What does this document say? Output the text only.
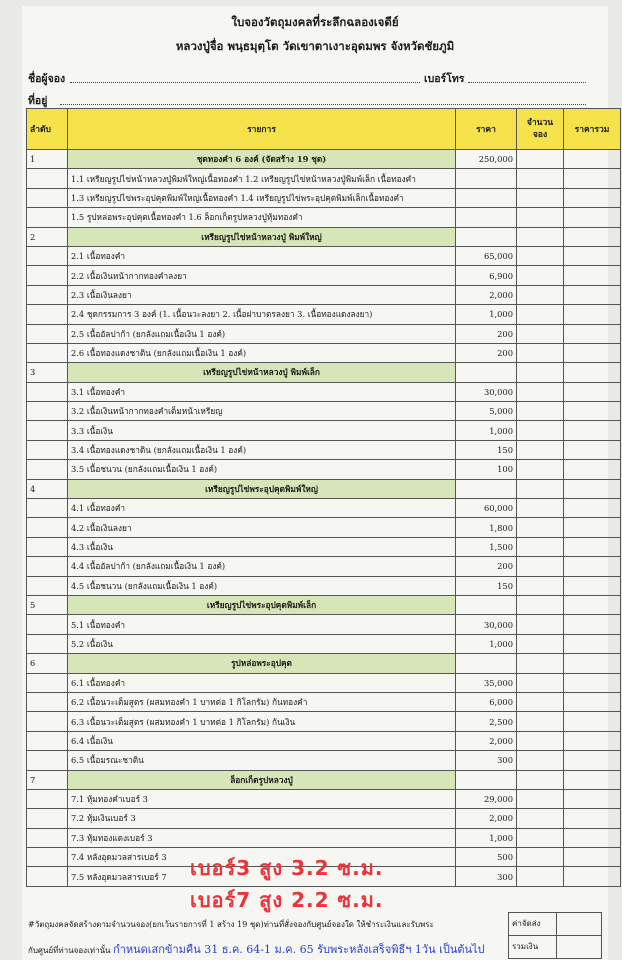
ใบจองวัตถุมงคลที่ระลึกฉลองเจดีย์
หลวงปู่จื่อ พนฺธมุตฺโต วัดเขาตาเงาะอุดมพร จังหวัดชัยภูมิ
ชื่อผู้จอง	เบอร์โทร
ที่อยู่
ลำดับ	รายการ	ราคา	จำนวนจอง	ราคารวม
1	ชุดทองคำ 6 องค์ (จัดสร้าง 19 ชุด)	250,000		
	1.1 เหรียญรูปไข่หน้าหลวงปู่พิมพ์ใหญ่เนื้อทองคำ 1.2 เหรียญรูปไข่หน้าหลวงปู่พิมพ์เล็ก เนื้อทองคำ			
	1.3 เหรียญรูปไข่พระอุปคุตพิมพ์ใหญ่เนื้อทองคำ 1.4 เหรียญรูปไข่พระอุปคุตพิมพ์เล็กเนื้อทองคำ			
	1.5 รูปหล่อพระอุปคุตเนื้อทองคำ 1.6 ล็อกเก็ตรูปหลวงปู่หุ้มทองคำ			
2	เหรียญรูปไข่หน้าหลวงปู่ พิมพ์ใหญ่			
	2.1 เนื้อทองคำ	65,000		
	2.2 เนื้อเงินหน้ากากทองคำลงยา	6,900		
	2.3 เนื้อเงินลงยา	2,000		
	2.4 ชุดกรรมการ 3 องค์ (1. เนื้อนวะลงยา 2. เนื้อฝาบาตรลงยา 3. เนื้อทองแดงลงยา)	1,000		
	2.5 เนื้ออัลปาก้า (ยกลังแถมเนื้อเงิน 1 องค์)	200		
	2.6 เนื้อทองแดงชาติน (ยกลังแถมเนื้อเงิน 1 องค์)	200		
3	เหรียญรูปไข่หน้าหลวงปู่ พิมพ์เล็ก			
	3.1 เนื้อทองคำ	30,000		
	3.2 เนื้อเงินหน้ากากทองคำเต็มหน้าเหรียญ	5,000		
	3.3 เนื้อเงิน	1,000		
	3.4 เนื้อทองแดงชาติน (ยกลังแถมเนื้อเงิน 1 องค์)	150		
	3.5 เนื้อชนวน (ยกลังแถมเนื้อเงิน 1 องค์)	100		
4	เหรียญรูปไข่พระอุปคุตพิมพ์ใหญ่			
	4.1 เนื้อทองคำ	60,000		
	4.2 เนื้อเงินลงยา	1,800		
	4.3 เนื้อเงิน	1,500		
	4.4 เนื้ออัลปาก้า (ยกลังแถมเนื้อเงิน 1 องค์)	200		
	4.5 เนื้อชนวน (ยกลังแถมเนื้อเงิน 1 องค์)	150		
5	เหรียญรูปไข่พระอุปคุตพิมพ์เล็ก			
	5.1 เนื้อทองคำ	30,000		
	5.2 เนื้อเงิน	1,000		
6	รูปหล่อพระอุปคุต			
	6.1 เนื้อทองคำ	35,000		
	6.2 เนื้อนวะเต็มสูตร (ผสมทองคำ 1 บาทต่อ 1 กิโลกรัม) ก้นทองคำ	6,000		
	6.3 เนื้อนวะเต็มสูตร (ผสมทองคำ 1 บาทต่อ 1 กิโลกรัม) ก้นเงิน	2,500		
	6.4 เนื้อเงิน	2,000		
	6.5 เนื้อมรณะชาติน	300		
7	ล็อกเก็ตรูปหลวงปู่			
	7.1 หุ้มทองคำเบอร์ 3	29,000		
	7.2 หุ้มเงินเบอร์ 3	2,000		
	7.3 หุ้มทองแดงเบอร์ 3	1,000		
	7.4 หลังอุดมวลสารเบอร์ 3	500		
	7.5 หลังอุดมวลสารเบอร์ 7	300		
เบอร์3 สูง 3.2 ซ.ม.
เบอร์7 สูง 2.2 ซ.ม.
#วัตถุมงคลจัดสร้างตามจำนวนจอง(ยกเว้นรายการที่ 1 สร้าง 19 ชุด)ท่านที่สั่งจองกับศูนย์จองใด ให้ชำระเงินและรับพระ
กับศูนย์ที่ท่านจองเท่านั้น กำหนดเสกข้ามคืน 31 ธ.ค. 64-1 ม.ค. 65 รับพระหลังเสร็จพิธีฯ 1วัน เป็นต้นไป
ค่าจัดส่ง
รวมเงิน
